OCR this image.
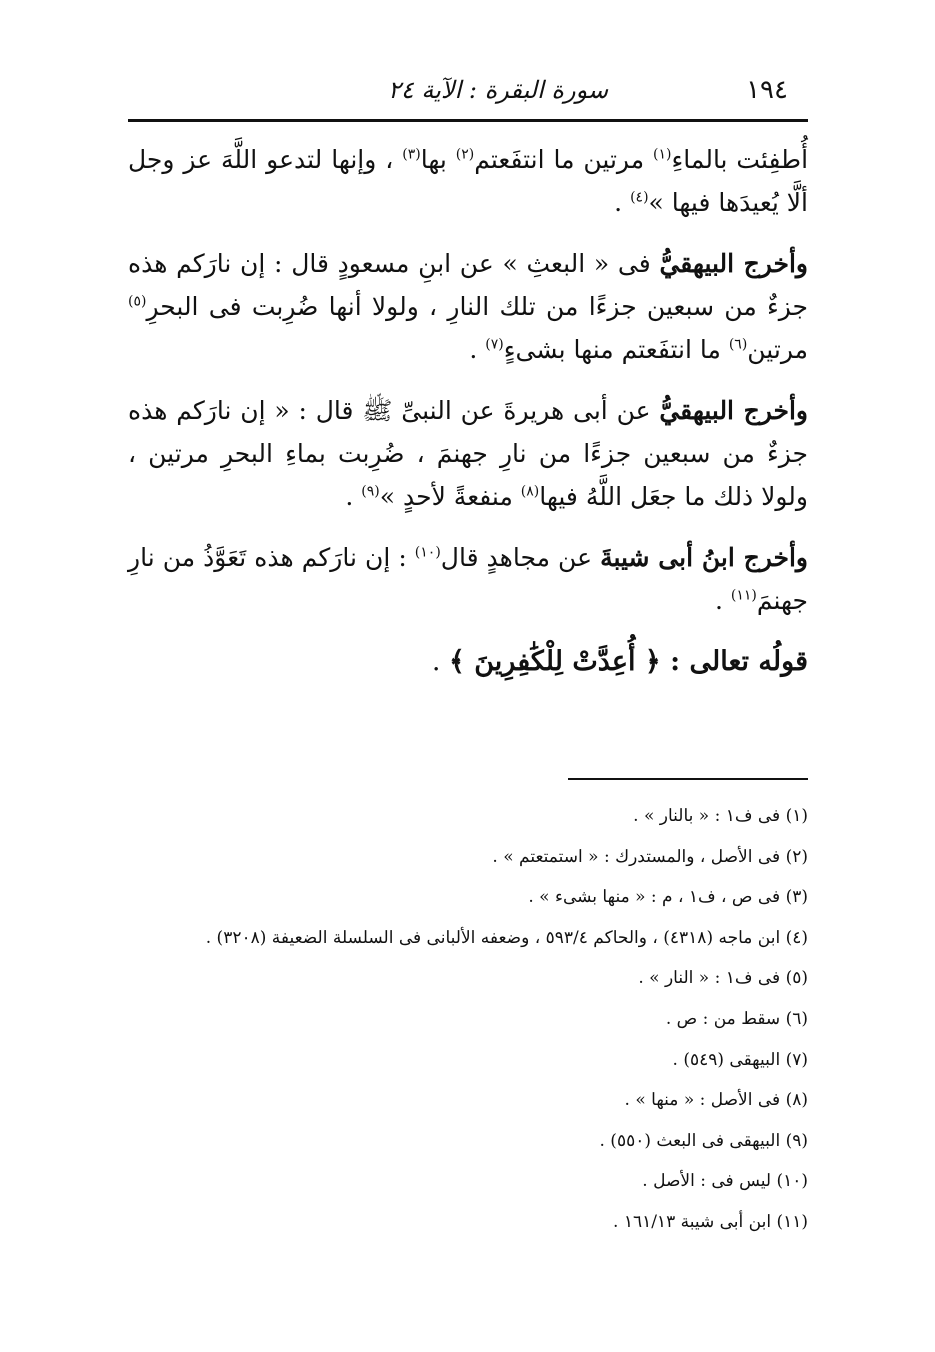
١٩٤
سورة البقرة : الآية ٢٤

أُطفِئت بالماءِ$^{(١)}$ مرتين ما انتفَعتم$^{(٢)}$ بها$^{(٣)}$ ، وإنها لتدعو اللَّهَ عز وجل ألَّا يُعيدَها فيها »$^{(٤)}$ .

وأخرج البيهقيُّ فى « البعثِ » عن ابنِ مسعودٍ قال : إن نارَكم هذه جزءٌ من سبعين جزءًا من تلك النارِ ، ولولا أنها ضُرِبت فى البحرِ$^{(٥)}$ مرتين$^{(٦)}$ ما انتفَعتم منها بشىءٍ$^{(٧)}$ .

وأخرج البيهقيُّ عن أبى هريرةَ عن النبىِّ ﷺ قال : « إن نارَكم هذه جزءٌ من سبعين جزءًا من نارِ جهنمَ ، ضُرِبت بماءِ البحرِ مرتين ، ولولا ذلك ما جعَل اللَّهُ فيها$^{(٨)}$ منفعةً لأحدٍ »$^{(٩)}$ .

وأخرج ابنُ أبى شيبةَ عن مجاهدٍ قال$^{(١٠)}$ : إن نارَكم هذه تَعَوَّذُ من نارِ جهنمَ$^{(١١)}$ .

قولُه تعالى : ﴿ أُعِدَّتْ لِلْكَٰفِرِينَ ﴾ .

(١) فى ف١ : « بالنار » .

(٢) فى الأصل ، والمستدرك : « استمتعتم » .

(٣) فى ص ، ف١ ، م : « منها بشىء » .

(٤) ابن ماجه (٤٣١٨) ، والحاكم ٥٩٣/٤ ، وضعفه الألبانى فى السلسلة الضعيفة (٣٢٠٨) .

(٥) فى ف١ : « النار » .

(٦) سقط من : ص .

(٧) البيهقى (٥٤٩) .

(٨) فى الأصل : « منها » .

(٩) البيهقى فى البعث (٥٥٠) .

(١٠) ليس فى : الأصل .

(١١) ابن أبى شيبة ١٦١/١٣ .
